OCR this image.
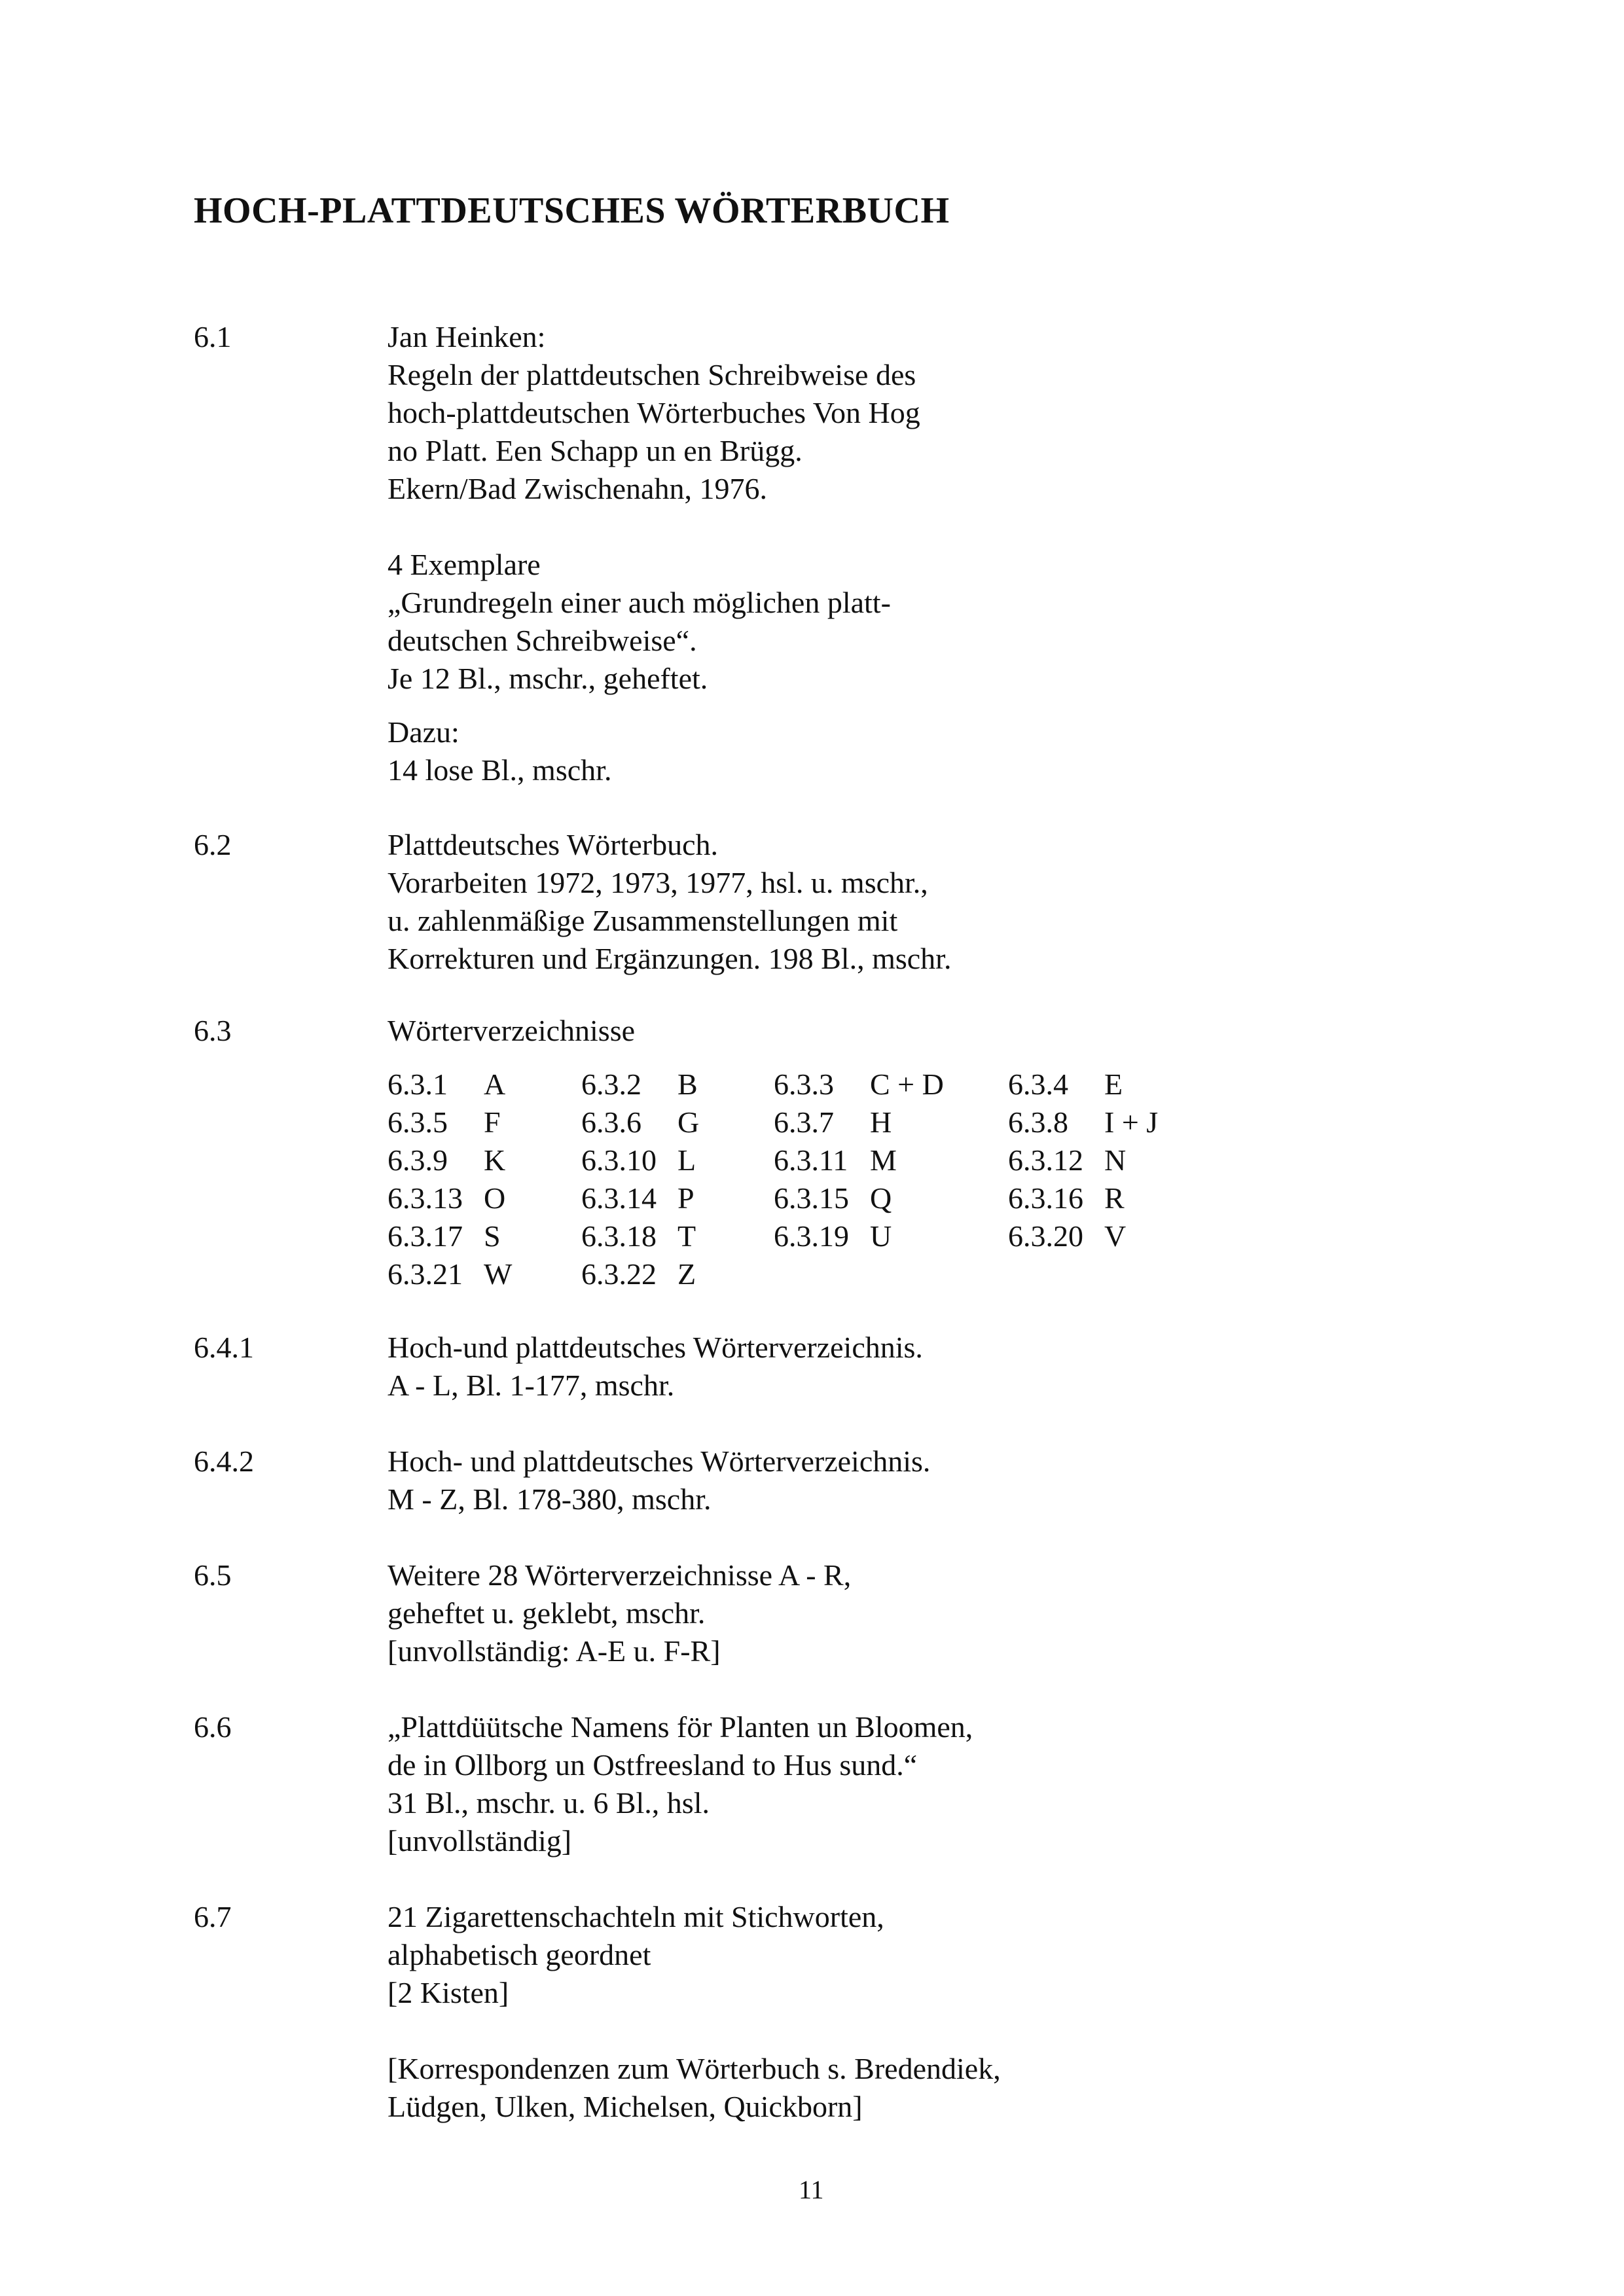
HOCH-PLATTDEUTSCHES WÖRTERBUCH
6.1	Jan Heinken:
Regeln der plattdeutschen Schreibweise des
hoch-plattdeutschen Wörterbuches Von Hog
no Platt. Een Schapp un en Brügg.
Ekern/Bad Zwischenahn, 1976.
4 Exemplare
„Grundregeln einer auch möglichen platt-
deutschen Schreibweise“.
Je 12 Bl., mschr., geheftet.
Dazu:
14 lose Bl., mschr.
6.2	Plattdeutsches Wörterbuch.
Vorarbeiten 1972, 1973, 1977, hsl. u. mschr.,
u. zahlenmäßige Zusammenstellungen mit
Korrekturen und Ergänzungen. 198 Bl., mschr.
6.3	Wörterverzeichnisse
6.3.1 A	6.3.2 B	6.3.3 C + D 6.3.4 E
6.3.5 F	6.3.6 G 6.3.7 H	6.3.8 I + J
6.3.9 K	6.3.10 L	6.3.11 M	6.3.12 N
6.3.13 O	6.3.14 P	6.3.15 Q	6.3.16 R
6.3.17 S	6.3.18 T	6.3.19 U	6.3.20 V
6.3.21 W 6.3.22 Z
6.4.1	Hoch-und plattdeutsches Wörterverzeichnis.
A - L, Bl. 1-177, mschr.
6.4.2	Hoch- und plattdeutsches Wörterverzeichnis.
M - Z, Bl. 178-380, mschr.
6.5	Weitere 28 Wörterverzeichnisse A - R,
geheftet u. geklebt, mschr.
[unvollständig: A-E u. F-R]
6.6	„Plattdüütsche Namens för Planten un Bloomen,
de in Ollborg un Ostfreesland to Hus sund.“
31 Bl., mschr. u. 6 Bl., hsl.
[unvollständig]
6.7	21 Zigarettenschachteln mit Stichworten,
alphabetisch geordnet
[2 Kisten]
[Korrespondenzen zum Wörterbuch s. Bredendiek,
Lüdgen, Ulken, Michelsen, Quickborn]
11
